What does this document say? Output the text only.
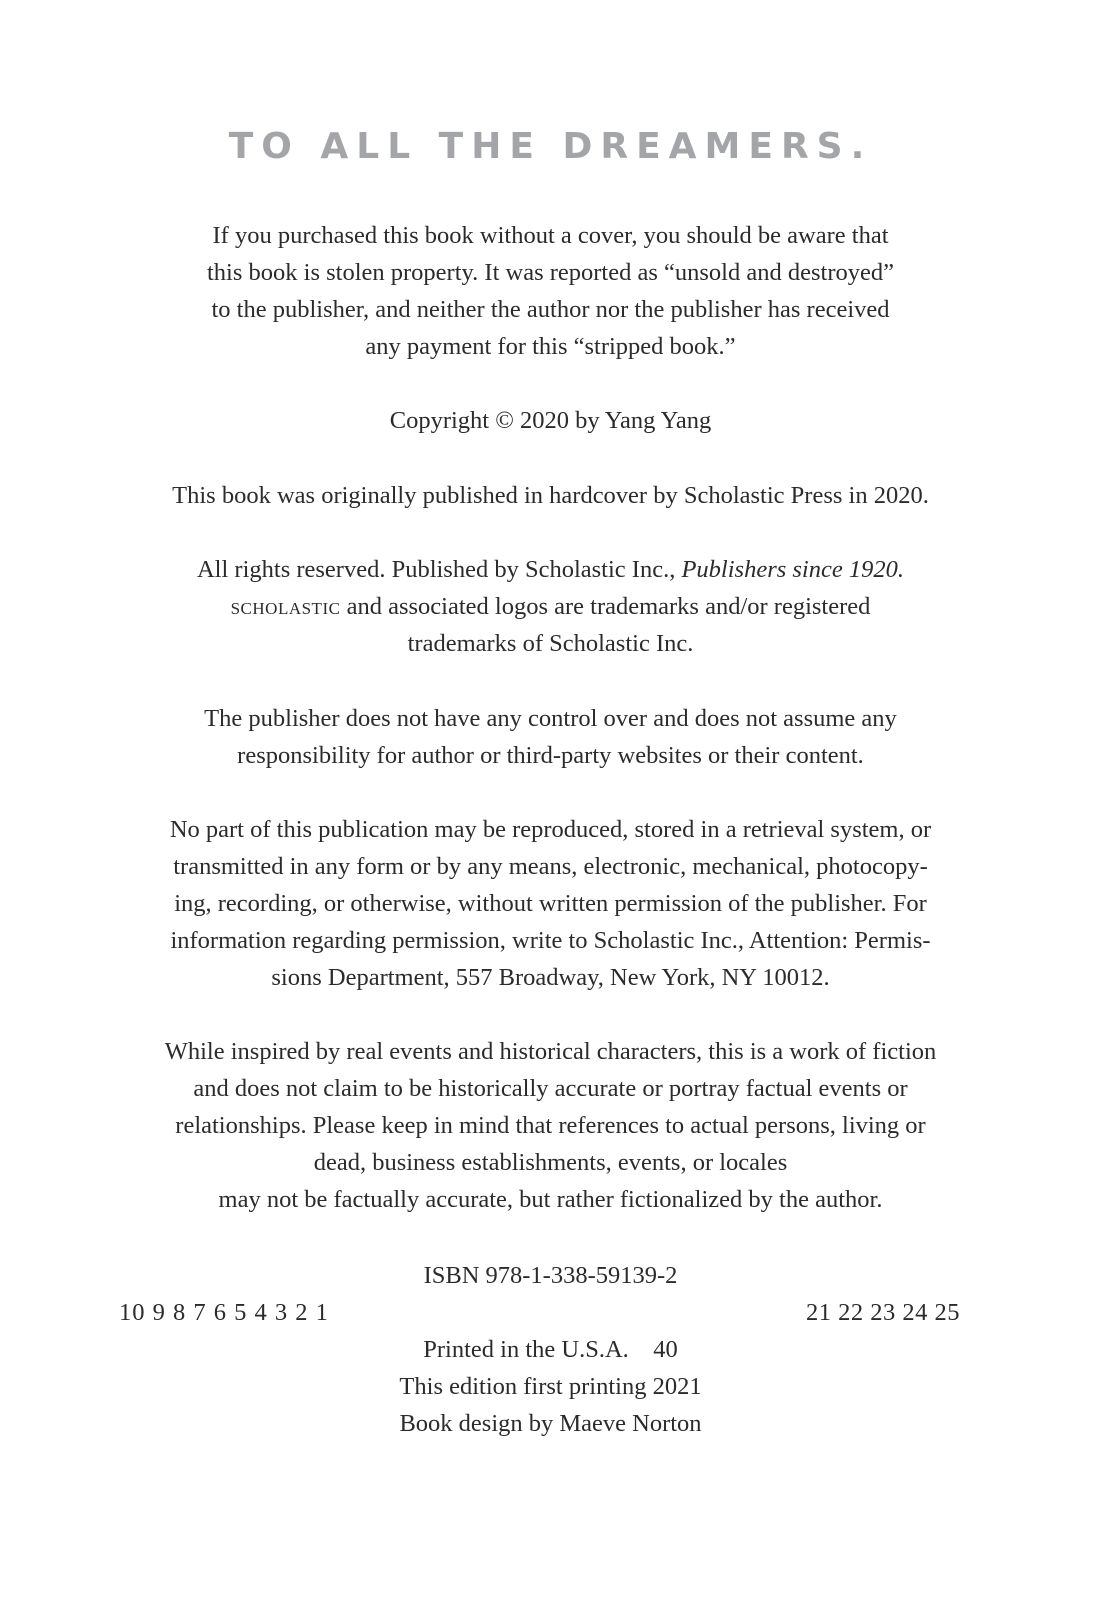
TO ALL THE DREAMERS.

If you purchased this book without a cover, you should be aware that
this book is stolen property. It was reported as “unsold and destroyed”
to the publisher, and neither the author nor the publisher has received
any payment for this “stripped book.”

Copyright © 2020 by Yang Yang

This book was originally published in hardcover by Scholastic Press in 2020.

All rights reserved. Published by Scholastic Inc., Publishers since 1920.
scholastic and associated logos are trademarks and/or registered
trademarks of Scholastic Inc.

The publisher does not have any control over and does not assume any
responsibility for author or third-party websites or their content.

No part of this publication may be reproduced, stored in a retrieval system, or
transmitted in any form or by any means, electronic, mechanical, photocopy-
ing, recording, or otherwise, without written permission of the publisher. For
information regarding permission, write to Scholastic Inc., Attention: Permis-
sions Department, 557 Broadway, New York, NY 10012.

While inspired by real events and historical characters, this is a work of fiction
and does not claim to be historically accurate or portray factual events or
relationships. Please keep in mind that references to actual persons, living or
dead, business establishments, events, or locales
may not be factually accurate, but rather fictionalized by the author.

ISBN 978-1-338-59139-2

10 9 8 7 6 5 4 3 2 1	21 22 23 24 25

Printed in the U.S.A.    40
This edition first printing 2021
Book design by Maeve Norton
